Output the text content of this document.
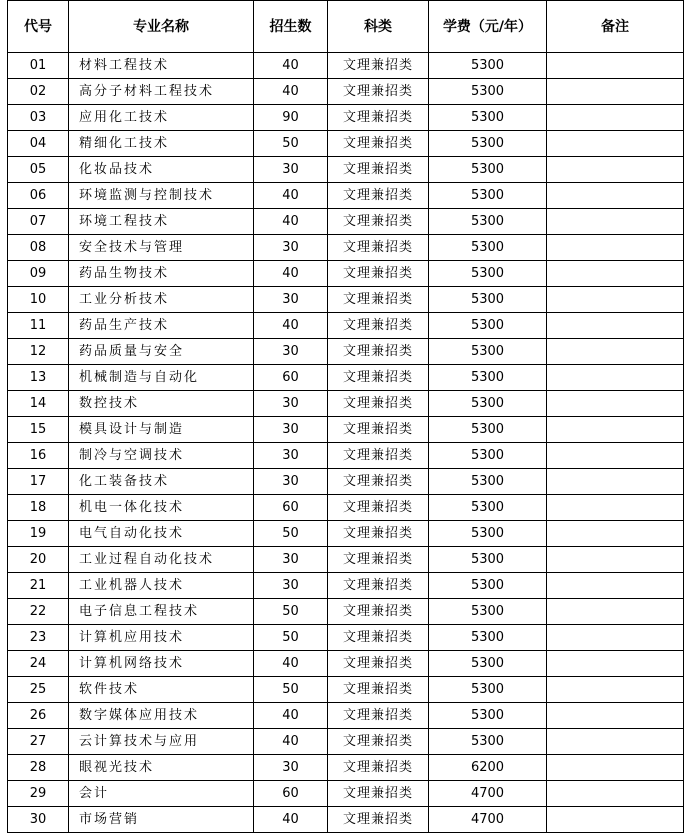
代号	专业名称	招生数	科类	学费（元/年）	备注
01	材料工程技术	40	文理兼招类	5300	
02	高分子材料工程技术	40	文理兼招类	5300	
03	应用化工技术	90	文理兼招类	5300	
04	精细化工技术	50	文理兼招类	5300	
05	化妆品技术	30	文理兼招类	5300	
06	环境监测与控制技术	40	文理兼招类	5300	
07	环境工程技术	40	文理兼招类	5300	
08	安全技术与管理	30	文理兼招类	5300	
09	药品生物技术	40	文理兼招类	5300	
10	工业分析技术	30	文理兼招类	5300	
11	药品生产技术	40	文理兼招类	5300	
12	药品质量与安全	30	文理兼招类	5300	
13	机械制造与自动化	60	文理兼招类	5300	
14	数控技术	30	文理兼招类	5300	
15	模具设计与制造	30	文理兼招类	5300	
16	制冷与空调技术	30	文理兼招类	5300	
17	化工装备技术	30	文理兼招类	5300	
18	机电一体化技术	60	文理兼招类	5300	
19	电气自动化技术	50	文理兼招类	5300	
20	工业过程自动化技术	30	文理兼招类	5300	
21	工业机器人技术	30	文理兼招类	5300	
22	电子信息工程技术	50	文理兼招类	5300	
23	计算机应用技术	50	文理兼招类	5300	
24	计算机网络技术	40	文理兼招类	5300	
25	软件技术	50	文理兼招类	5300	
26	数字媒体应用技术	40	文理兼招类	5300	
27	云计算技术与应用	40	文理兼招类	5300	
28	眼视光技术	30	文理兼招类	6200	
29	会计	60	文理兼招类	4700	
30	市场营销	40	文理兼招类	4700	
